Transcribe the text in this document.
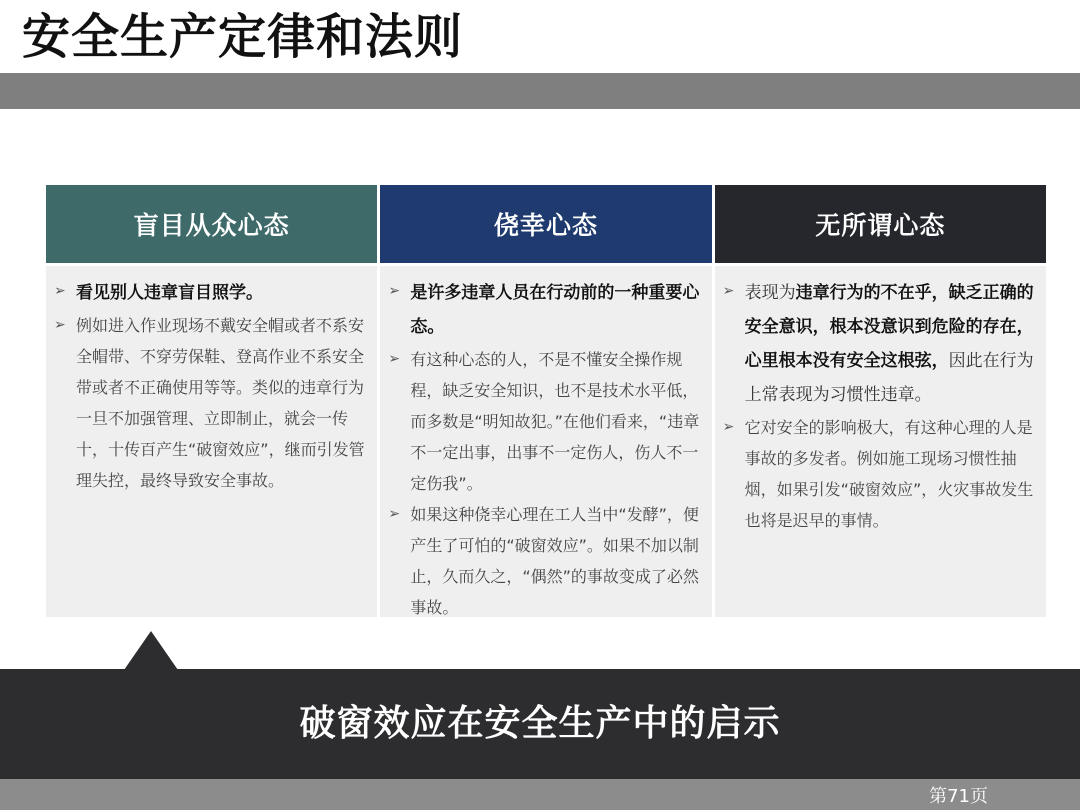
安全生产定律和法则
盲目从众心态
➢ 看见别人违章盲目照学。
➢ 例如进入作业现场不戴安全帽或者不系安全帽带、不穿劳保鞋、登高作业不系安全带或者不正确使用等等。类似的违章行为一旦不加强管理、立即制止，就会一传十，十传百产生“破窗效应”，继而引发管理失控，最终导致安全事故。
侥幸心态
➢ 是许多违章人员在行动前的一种重要心态。
➢ 有这种心态的人，不是不懂安全操作规程，缺乏安全知识，也不是技术水平低，而多数是“明知故犯。”在他们看来，“违章不一定出事，出事不一定伤人，伤人不一定伤我”。
➢ 如果这种侥幸心理在工人当中“发酵”，便产生了可怕的“破窗效应”。如果不加以制止，久而久之，“偶然”的事故变成了必然事故。
无所谓心态
➢ 表现为违章行为的不在乎，缺乏正确的安全意识，根本没意识到危险的存在，心里根本没有安全这根弦，因此在行为上常表现为习惯性违章。
➢ 它对安全的影响极大，有这种心理的人是事故的多发者。例如施工现场习惯性抽烟，如果引发“破窗效应”，火灾事故发生也将是迟早的事情。
破窗效应在安全生产中的启示
第71页
